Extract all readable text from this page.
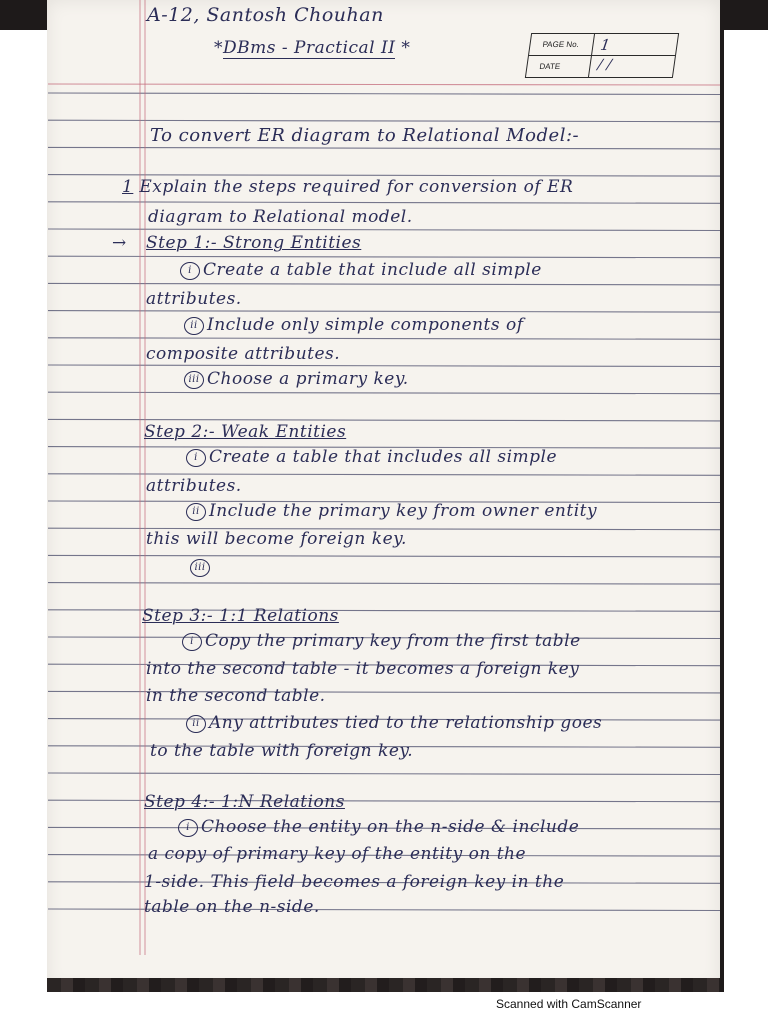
A-12, Santosh Chouhan
*DBms - Practical II *	PAGE No.
DATE
1
/ /
To convert ER diagram to Relational Model:-
1 Explain the steps required for conversion of ER
diagram to Relational model.
→ Step 1:- Strong Entities
i Create a table that include all simple
attributes.
ii Include only simple components of
composite attributes.
iii Choose a primary key.
Step 2:- Weak Entities
i Create a table that includes all simple
attributes.
ii Include the primary key from owner entity
this will become foreign key.
iii
Step 3:- 1:1 Relations
i Copy the primary key from the first table
into the second table - it becomes a foreign key
in the second table.
ii Any attributes tied to the relationship goes
to the table with foreign key.
Step 4:- 1:N Relations
i Choose the entity on the n-side & include
a copy of primary key of the entity on the
1-side. This field becomes a foreign key in the
table on the n-side.
Scanned with CamScanner
